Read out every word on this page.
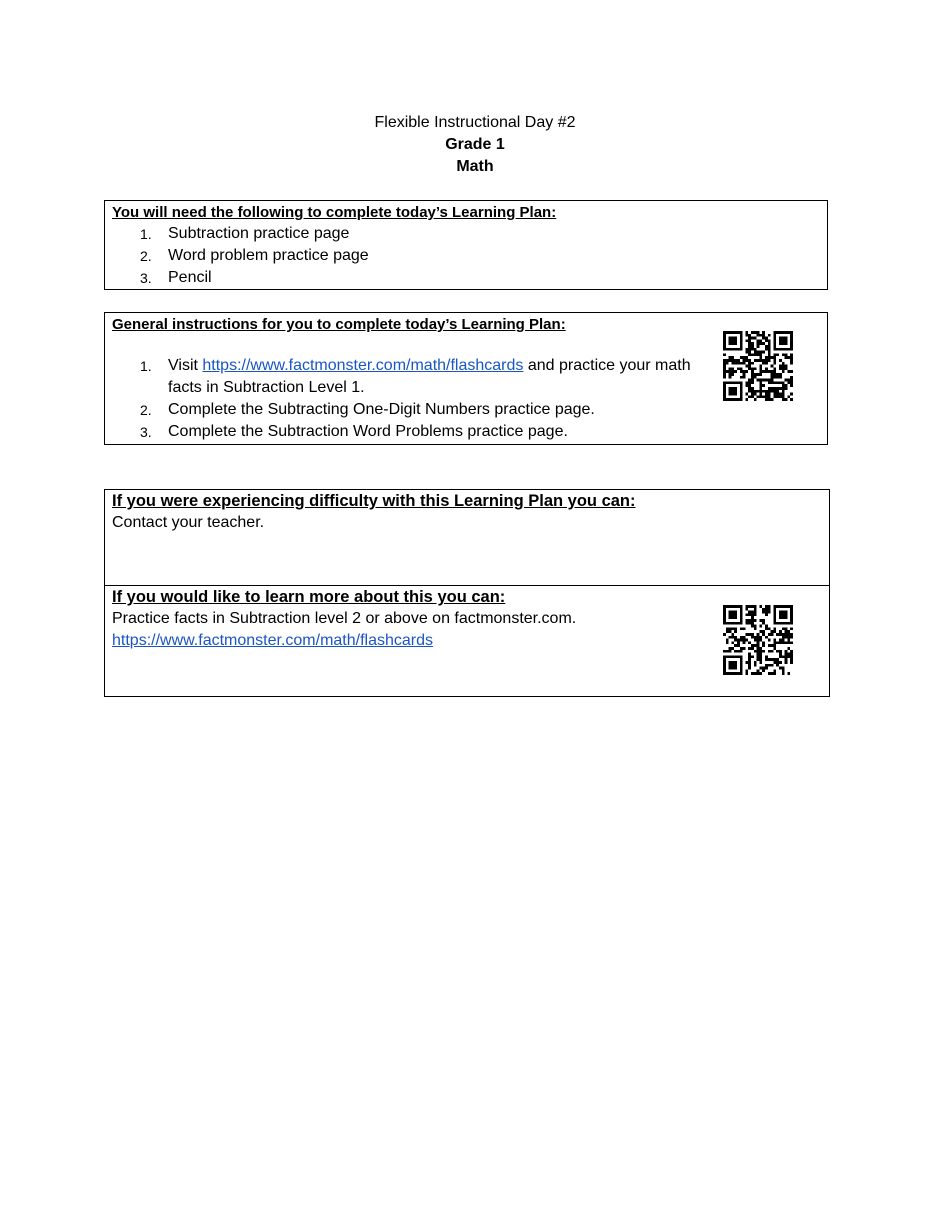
Flexible Instructional Day #2
Grade 1
Math
You will need the following to complete today’s Learning Plan:
1. Subtraction practice page
2. Word problem practice page
3. Pencil
General instructions for you to complete today’s Learning Plan:
1. Visit https://www.factmonster.com/math/flashcards and practice your math facts in Subtraction Level 1.
2. Complete the Subtracting One-Digit Numbers practice page.
3. Complete the Subtraction Word Problems practice page.
If you were experiencing difficulty with this Learning Plan you can:
Contact your teacher.
If you would like to learn more about this you can:
Practice facts in Subtraction level 2 or above on factmonster.com.
https://www.factmonster.com/math/flashcards
